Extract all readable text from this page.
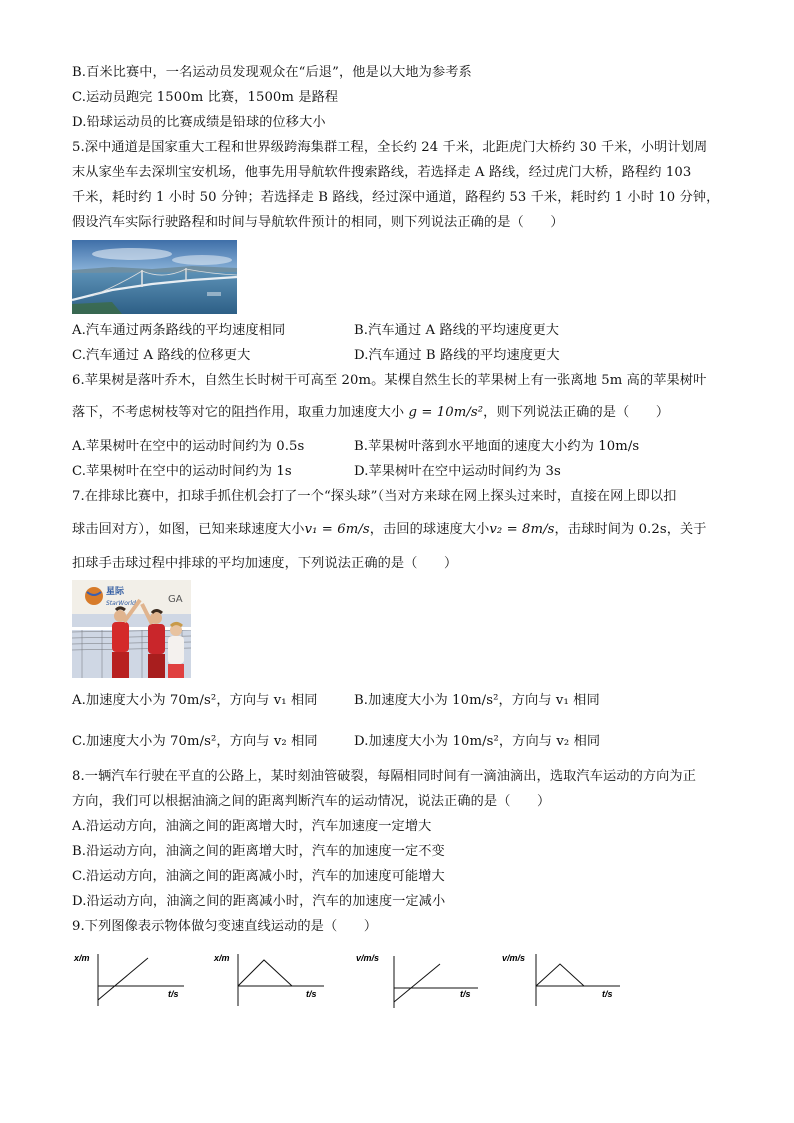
B.百米比赛中，一名运动员发现观众在“后退”，他是以大地为参考系
C.运动员跑完 1500m 比赛，1500m 是路程
D.铅球运动员的比赛成绩是铅球的位移大小
5.深中通道是国家重大工程和世界级跨海集群工程，全长约 24 千米，北距虎门大桥约 30 千米，小明计划周
末从家坐车去深圳宝安机场，他事先用导航软件搜索路线，若选择走 A 路线，经过虎门大桥，路程约 103
千米，耗时约 1 小时 50 分钟；若选择走 B 路线，经过深中通道，路程约 53 千米，耗时约 1 小时 10 分钟，
假设汽车实际行驶路程和时间与导航软件预计的相同，则下列说法正确的是（　　）
A.汽车通过两条路线的平均速度相同	B.汽车通过 A 路线的平均速度更大
C.汽车通过 A 路线的位移更大	D.汽车通过 B 路线的平均速度更大
6.苹果树是落叶乔木，自然生长时树干可高至 20m。某棵自然生长的苹果树上有一张离地 5m 高的苹果树叶
落下，不考虑树枝等对它的阻挡作用，取重力加速度大小 g = 10m/s²，则下列说法正确的是（　　）
A.苹果树叶在空中的运动时间约为 0.5s	B.苹果树叶落到水平地面的速度大小约为 10m/s
C.苹果树叶在空中的运动时间约为 1s	D.苹果树叶在空中运动时间约为 3s
7.在排球比赛中，扣球手抓住机会打了一个“探头球”（当对方来球在网上探头过来时，直接在网上即以扣
球击回对方），如图，已知来球速度大小v₁ = 6m/s，击回的球速度大小v₂ = 8m/s，击球时间为 0.2s，关于
扣球手击球过程中排球的平均加速度，下列说法正确的是（　　）
星际
StarWorld	GA
A.加速度大小为 70m/s²，方向与 v₁ 相同	B.加速度大小为 10m/s²，方向与 v₁ 相同
C.加速度大小为 70m/s²，方向与 v₂ 相同	D.加速度大小为 10m/s²，方向与 v₂ 相同
8.一辆汽车行驶在平直的公路上，某时刻油管破裂，每隔相同时间有一滴油滴出，选取汽车运动的方向为正
方向，我们可以根据油滴之间的距离判断汽车的运动情况，说法正确的是（　　）
A.沿运动方向，油滴之间的距离增大时，汽车加速度一定增大
B.沿运动方向，油滴之间的距离增大时，汽车的加速度一定不变
C.沿运动方向，油滴之间的距离减小时，汽车的加速度可能增大
D.沿运动方向，油滴之间的距离减小时，汽车的加速度一定减小
9.下列图像表示物体做匀变速直线运动的是（　　）
x/m
t/s
x/m
t/s
v/m/s
t/s
v/m/s
t/s
